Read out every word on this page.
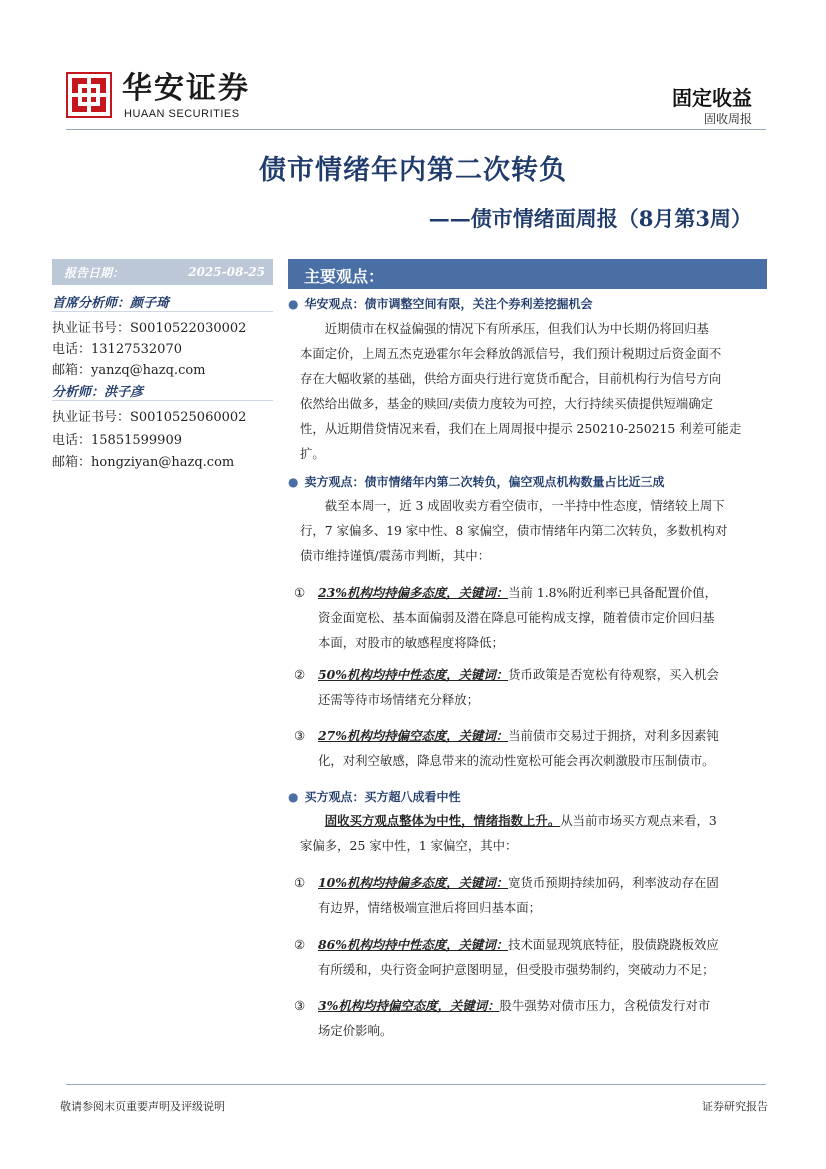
华安证券
HUAAN SECURITIES
固定收益
固收周报
债市情绪年内第二次转负
——债市情绪面周报（8月第3周）
报告日期：	2025-08-25
首席分析师：颜子琦
执业证书号：S0010522030002
电话：13127532070
邮箱：yanzq@hazq.com
分析师：洪子彦
执业证书号：S0010525060002
电话：15851599909
邮箱：hongziyan@hazq.com
主要观点：
● 华安观点：债市调整空间有限，关注个券利差挖掘机会
近期债市在权益偏强的情况下有所承压，但我们认为中长期仍将回归基
本面定价，上周五杰克逊霍尔年会释放鸽派信号，我们预计税期过后资金面不
存在大幅收紧的基础，供给方面央行进行宽货币配合，目前机构行为信号方向
依然给出做多，基金的赎回/卖债力度较为可控，大行持续买债提供短端确定
性，从近期借贷情况来看，我们在上周周报中提示 250210-250215 利差可能走
扩。
● 卖方观点：债市情绪年内第二次转负，偏空观点机构数量占比近三成
截至本周一，近 3 成固收卖方看空债市，一半持中性态度，情绪较上周下
行，7 家偏多、19 家中性、8 家偏空，债市情绪年内第二次转负，多数机构对
债市维持谨慎/震荡市判断，其中：
① 23%机构均持偏多态度，关键词：当前 1.8%附近利率已具备配置价值，
资金面宽松、基本面偏弱及潜在降息可能构成支撑，随着债市定价回归基
本面，对股市的敏感程度将降低；
② 50%机构均持中性态度，关键词：货币政策是否宽松有待观察，买入机会
还需等待市场情绪充分释放；
③ 27%机构均持偏空态度，关键词：当前债市交易过于拥挤，对利多因素钝
化，对利空敏感，降息带来的流动性宽松可能会再次刺激股市压制债市。
● 买方观点：买方超八成看中性
固收买方观点整体为中性，情绪指数上升。从当前市场买方观点来看，3
家偏多，25 家中性，1 家偏空，其中：
① 10%机构均持偏多态度，关键词：宽货币预期持续加码，利率波动存在固
有边界，情绪极端宣泄后将回归基本面；
② 86%机构均持中性态度，关键词：技术面显现筑底特征，股债跷跷板效应
有所缓和，央行资金呵护意图明显，但受股市强势制约，突破动力不足；
③ 3%机构均持偏空态度，关键词：股牛强势对债市压力，含税债发行对市
场定价影响。
敬请参阅末页重要声明及评级说明	证券研究报告
